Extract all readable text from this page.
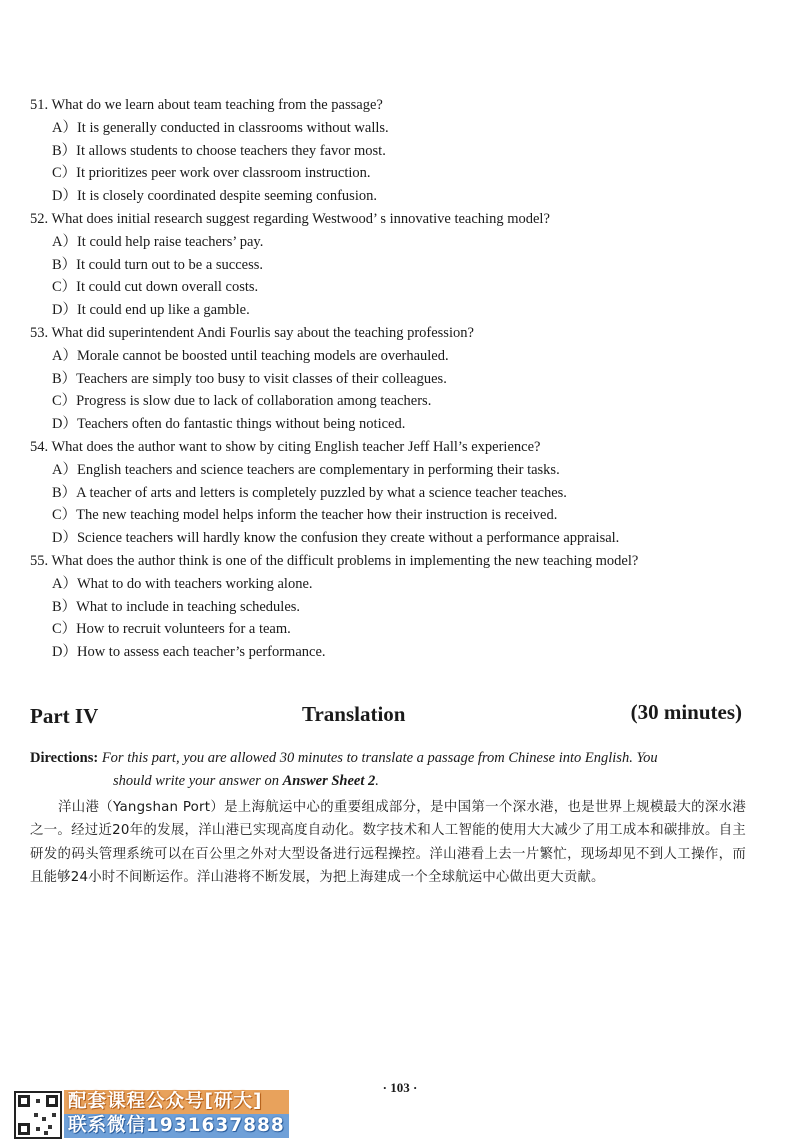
51. What do we learn about team teaching from the passage?
A）It is generally conducted in classrooms without walls.
B）It allows students to choose teachers they favor most.
C）It prioritizes peer work over classroom instruction.
D）It is closely coordinated despite seeming confusion.
52. What does initial research suggest regarding Westwood’ s innovative teaching model?
A）It could help raise teachers’ pay.
B）It could turn out to be a success.
C）It could cut down overall costs.
D）It could end up like a gamble.
53. What did superintendent Andi Fourlis say about the teaching profession?
A）Morale cannot be boosted until teaching models are overhauled.
B）Teachers are simply too busy to visit classes of their colleagues.
C）Progress is slow due to lack of collaboration among teachers.
D）Teachers often do fantastic things without being noticed.
54. What does the author want to show by citing English teacher Jeff Hall’s experience?
A）English teachers and science teachers are complementary in performing their tasks.
B）A teacher of arts and letters is completely puzzled by what a science teacher teaches.
C）The new teaching model helps inform the teacher how their instruction is received.
D）Science teachers will hardly know the confusion they create without a performance appraisal.
55. What does the author think is one of the difficult problems in implementing the new teaching model?
A）What to do with teachers working alone.
B）What to include in teaching schedules.
C）How to recruit volunteers for a team.
D）How to assess each teacher’s performance.
Part IV	Translation	(30 minutes)
Directions: For this part, you are allowed 30 minutes to translate a passage from Chinese into English. You
should write your answer on Answer Sheet 2.
洋山港（Yangshan Port）是上海航运中心的重要组成部分，是中国第一个深水港，也是世界上规模最大的深水港之一。经过近20年的发展，洋山港已实现高度自动化。数字技术和人工智能的使用大大减少了用工成本和碳排放。自主研发的码头管理系统可以在百公里之外对大型设备进行远程操控。洋山港看上去一片繁忙，现场却见不到人工操作，而且能够24小时不间断运作。洋山港将不断发展，为把上海建成一个全球航运中心做出更大贡献。
· 103 ·
配套课程公众号[研大]
联系微信1931637888
